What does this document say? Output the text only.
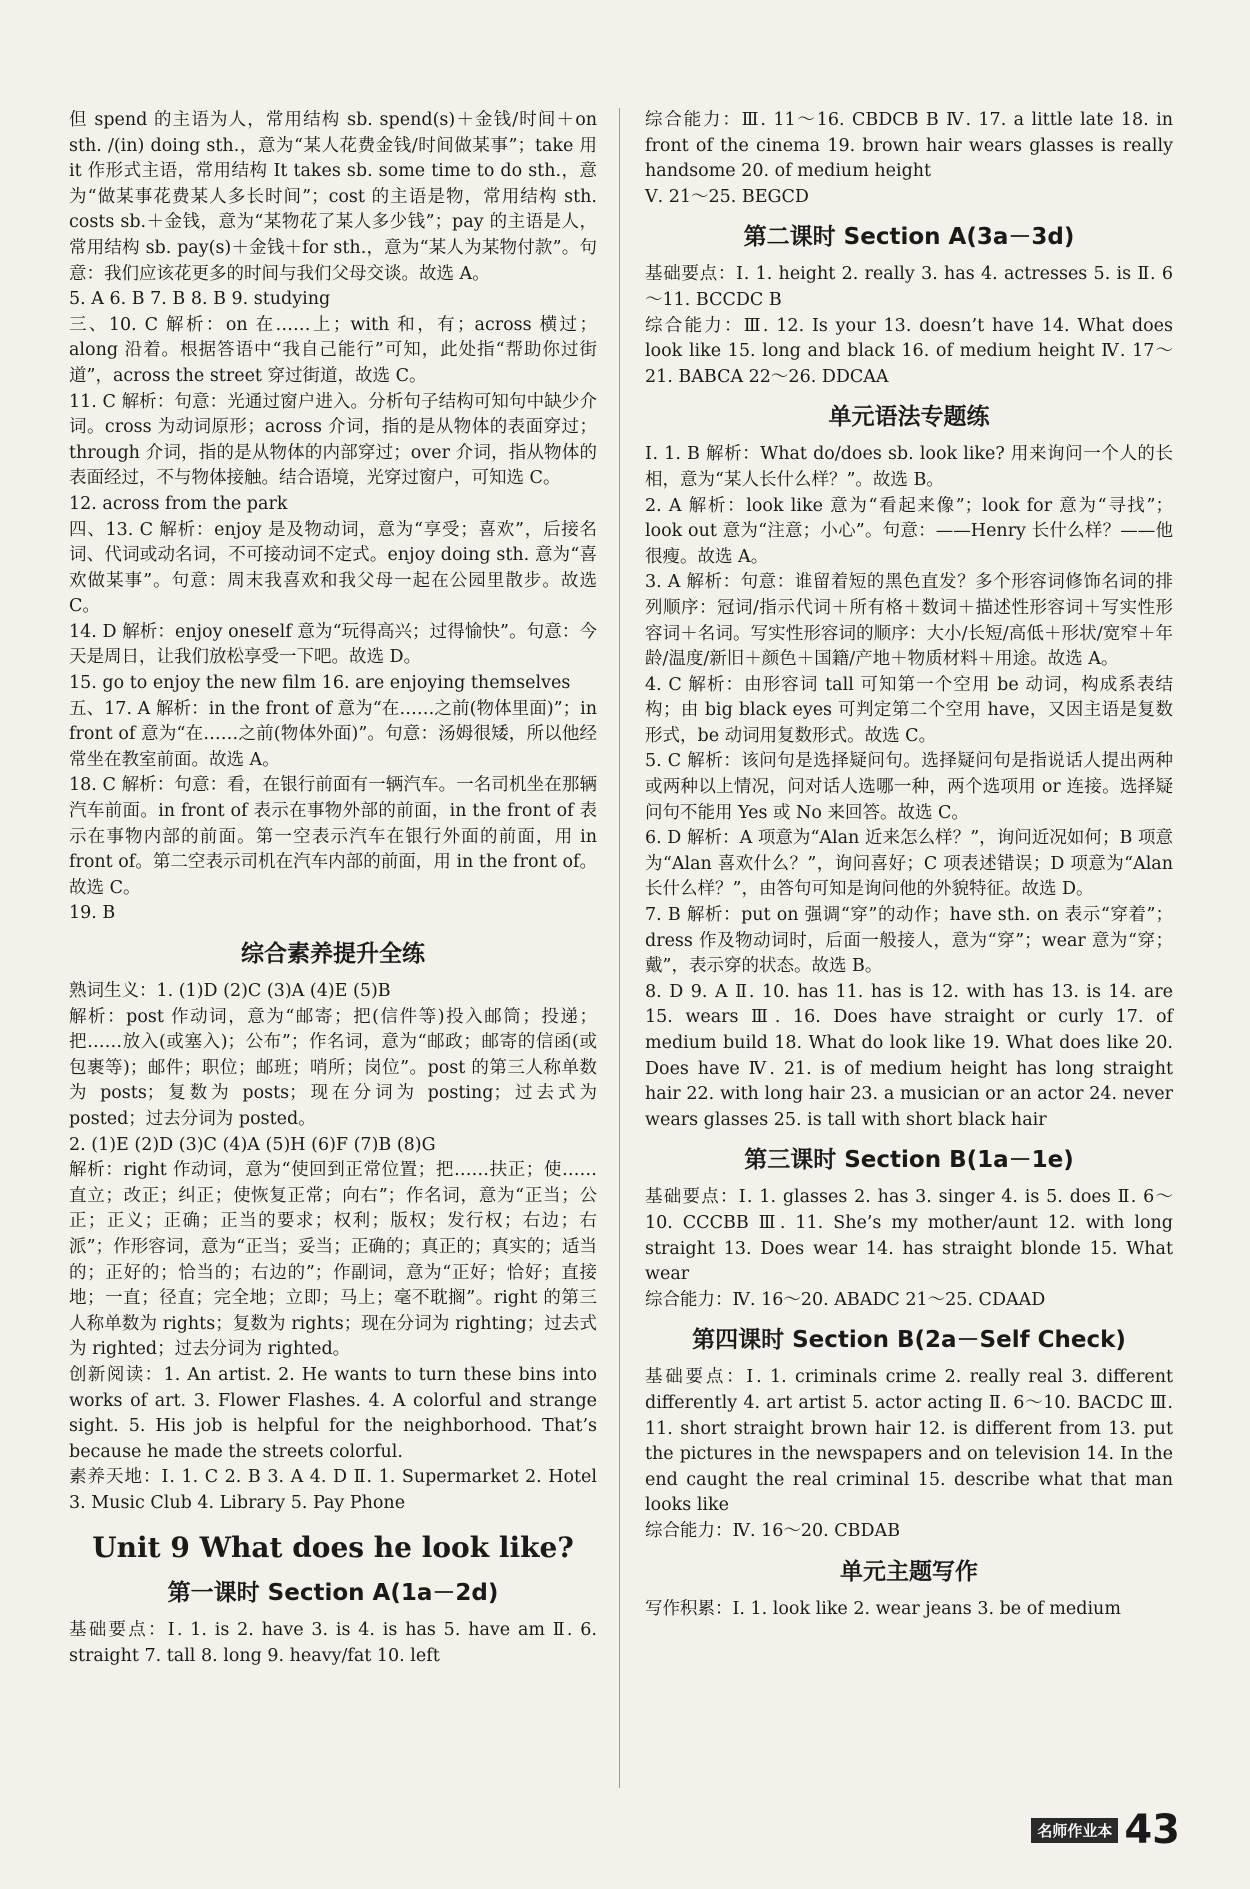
但 spend 的主语为人，常用结构 sb. spend(s)＋金钱/时间＋on sth. /(in) doing sth.，意为“某人花费金钱/时间做某事”；take 用 it 作形式主语，常用结构 It takes sb. some time to do sth.，意为“做某事花费某人多长时间”；cost 的主语是物，常用结构 sth. costs sb.＋金钱，意为“某物花了某人多少钱”；pay 的主语是人，常用结构 sb. pay(s)＋金钱＋for sth.，意为“某人为某物付款”。句意：我们应该花更多的时间与我们父母交谈。故选 A。
5. A 6. B 7. B 8. B 9. studying
三、10. C 解析：on 在……上；with 和，有；across 横过；along 沿着。根据答语中“我自己能行”可知，此处指“帮助你过街道”，across the street 穿过街道，故选 C。
11. C 解析：句意：光通过窗户进入。分析句子结构可知句中缺少介词。cross 为动词原形；across 介词，指的是从物体的表面穿过；through 介词，指的是从物体的内部穿过；over 介词，指从物体的表面经过，不与物体接触。结合语境，光穿过窗户，可知选 C。
12. across from the park
四、13. C 解析：enjoy 是及物动词，意为“享受；喜欢”，后接名词、代词或动名词，不可接动词不定式。enjoy doing sth. 意为“喜欢做某事”。句意：周末我喜欢和我父母一起在公园里散步。故选 C。
14. D 解析：enjoy oneself 意为“玩得高兴；过得愉快”。句意：今天是周日，让我们放松享受一下吧。故选 D。
15. go to enjoy the new film 16. are enjoying themselves
五、17. A 解析：in the front of 意为“在……之前(物体里面)”；in front of 意为“在……之前(物体外面)”。句意：汤姆很矮，所以他经常坐在教室前面。故选 A。
18. C 解析：句意：看，在银行前面有一辆汽车。一名司机坐在那辆汽车前面。in front of 表示在事物外部的前面，in the front of 表示在事物内部的前面。第一空表示汽车在银行外面的前面，用 in front of。第二空表示司机在汽车内部的前面，用 in the front of。故选 C。
19. B
综合素养提升全练
熟词生义：1. (1)D (2)C (3)A (4)E (5)B
解析：post 作动词，意为“邮寄；把(信件等)投入邮筒；投递；把……放入(或塞入)；公布”；作名词，意为“邮政；邮寄的信函(或包裹等)；邮件；职位；邮班；哨所；岗位”。post 的第三人称单数为 posts；复数为 posts；现在分词为 posting；过去式为 posted；过去分词为 posted。
2. (1)E (2)D (3)C (4)A (5)H (6)F (7)B (8)G
解析：right 作动词，意为“使回到正常位置；把……扶正；使……直立；改正；纠正；使恢复正常；向右”；作名词，意为“正当；公正；正义；正确；正当的要求；权利；版权；发行权；右边；右派”；作形容词，意为“正当；妥当；正确的；真正的；真实的；适当的；正好的；恰当的；右边的”；作副词，意为“正好；恰好；直接地；一直；径直；完全地；立即；马上；毫不耽搁”。right 的第三人称单数为 rights；复数为 rights；现在分词为 righting；过去式为 righted；过去分词为 righted。
创新阅读：1. An artist. 2. He wants to turn these bins into works of art. 3. Flower Flashes. 4. A colorful and strange sight. 5. His job is helpful for the neighborhood. That’s because he made the streets colorful.
素养天地：Ⅰ. 1. C 2. B 3. A 4. D Ⅱ. 1. Supermarket 2. Hotel 3. Music Club 4. Library 5. Pay Phone
Unit 9 What does he look like?
第一课时 Section A(1a－2d)
基础要点：Ⅰ. 1. is 2. have 3. is 4. is has 5. have am Ⅱ. 6. straight 7. tall 8. long 9. heavy/fat 10. left
综合能力：Ⅲ. 11～16. CBDCB B Ⅳ. 17. a little late 18. in front of the cinema 19. brown hair wears glasses is really handsome 20. of medium height
Ⅴ. 21～25. BEGCD
第二课时 Section A(3a－3d)
基础要点：Ⅰ. 1. height 2. really 3. has 4. actresses 5. is Ⅱ. 6～11. BCCDC B
综合能力：Ⅲ. 12. Is your 13. doesn’t have 14. What does look like 15. long and black 16. of medium height Ⅳ. 17～21. BABCA 22～26. DDCAA
单元语法专题练
Ⅰ. 1. B 解析：What do/does sb. look like? 用来询问一个人的长相，意为“某人长什么样？”。故选 B。
2. A 解析：look like 意为“看起来像”；look for 意为“寻找”；look out 意为“注意；小心”。句意：——Henry 长什么样？——他很瘦。故选 A。
3. A 解析：句意：谁留着短的黑色直发？多个形容词修饰名词的排列顺序：冠词/指示代词＋所有格＋数词＋描述性形容词＋写实性形容词＋名词。写实性形容词的顺序：大小/长短/高低＋形状/宽窄＋年龄/温度/新旧＋颜色＋国籍/产地＋物质材料＋用途。故选 A。
4. C 解析：由形容词 tall 可知第一个空用 be 动词，构成系表结构；由 big black eyes 可判定第二个空用 have，又因主语是复数形式，be 动词用复数形式。故选 C。
5. C 解析：该问句是选择疑问句。选择疑问句是指说话人提出两种或两种以上情况，问对话人选哪一种，两个选项用 or 连接。选择疑问句不能用 Yes 或 No 来回答。故选 C。
6. D 解析：A 项意为“Alan 近来怎么样？”，询问近况如何；B 项意为“Alan 喜欢什么？”，询问喜好；C 项表述错误；D 项意为“Alan 长什么样？”，由答句可知是询问他的外貌特征。故选 D。
7. B 解析：put on 强调“穿”的动作；have sth. on 表示“穿着”；dress 作及物动词时，后面一般接人，意为“穿”；wear 意为“穿；戴”，表示穿的状态。故选 B。
8. D 9. A Ⅱ. 10. has 11. has is 12. with has 13. is 14. are 15. wears Ⅲ. 16. Does have straight or curly 17. of medium build 18. What do look like 19. What does like 20. Does have Ⅳ. 21. is of medium height has long straight hair 22. with long hair 23. a musician or an actor 24. never wears glasses 25. is tall with short black hair
第三课时 Section B(1a－1e)
基础要点：Ⅰ. 1. glasses 2. has 3. singer 4. is 5. does Ⅱ. 6～10. CCCBB Ⅲ. 11. She’s my mother/aunt 12. with long straight 13. Does wear 14. has straight blonde 15. What wear
综合能力：Ⅳ. 16～20. ABADC 21～25. CDAAD
第四课时 Section B(2a－Self Check)
基础要点：Ⅰ. 1. criminals crime 2. really real 3. different differently 4. art artist 5. actor acting Ⅱ. 6～10. BACDC Ⅲ. 11. short straight brown hair 12. is different from 13. put the pictures in the newspapers and on television 14. In the end caught the real criminal 15. describe what that man looks like
综合能力：Ⅳ. 16～20. CBDAB
单元主题写作
写作积累：Ⅰ. 1. look like 2. wear jeans 3. be of medium
名师作业本 43
